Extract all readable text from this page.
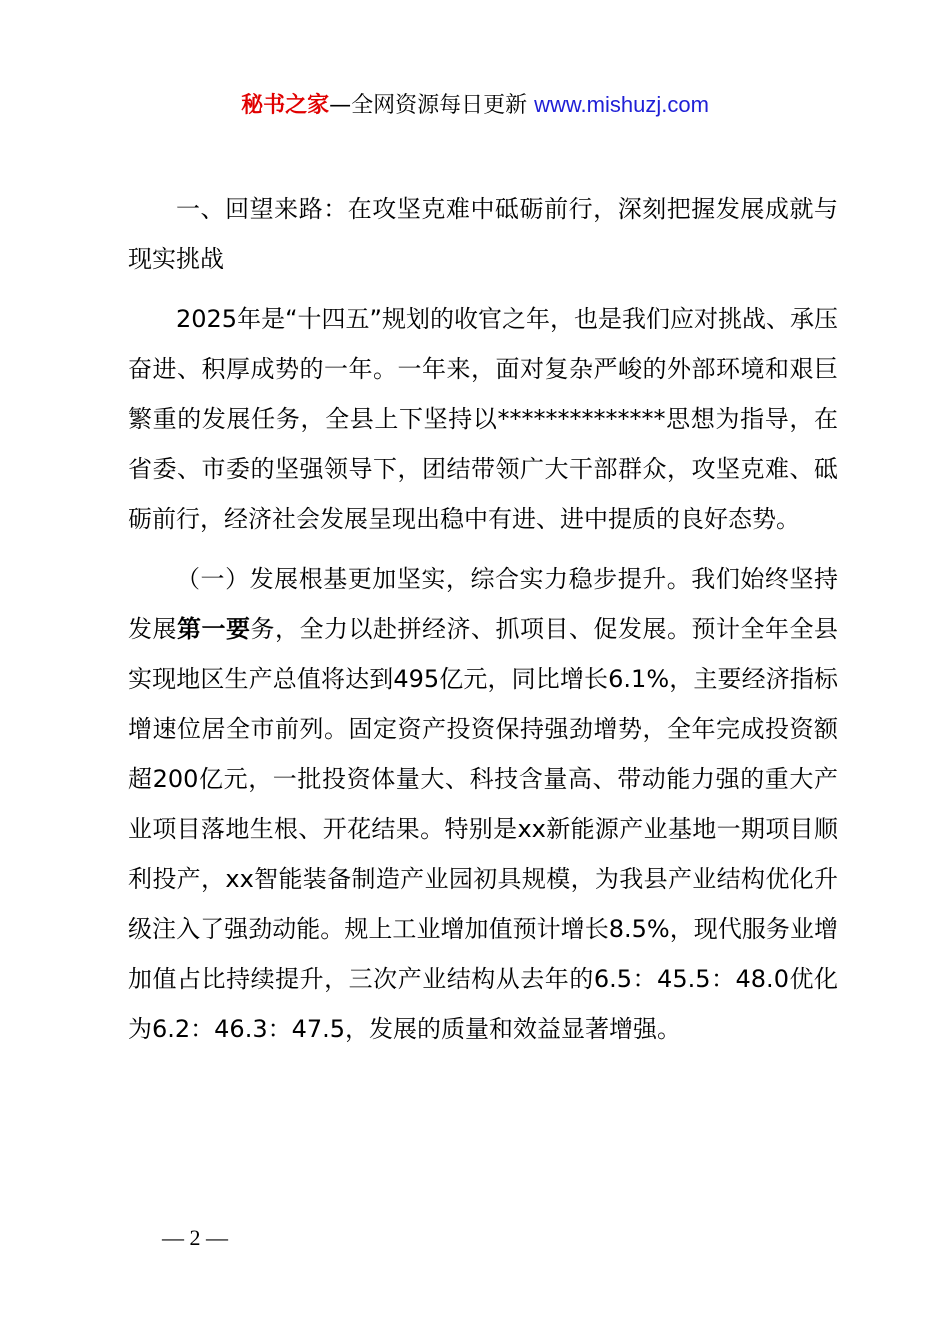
秘书之家—全网资源每日更新 www.mishuzj.com

一、回望来路：在攻坚克难中砥砺前行，深刻把握发展成就与现实挑战

2025年是“十四五”规划的收官之年，也是我们应对挑战、承压奋进、积厚成势的一年。一年来，面对复杂严峻的外部环境和艰巨繁重的发展任务，全县上下坚持以**************思想为指导，在省委、市委的坚强领导下，团结带领广大干部群众，攻坚克难、砥砺前行，经济社会发展呈现出稳中有进、进中提质的良好态势。

（一）发展根基更加坚实，综合实力稳步提升。我们始终坚持发展第一要务，全力以赴拼经济、抓项目、促发展。预计全年全县实现地区生产总值将达到495亿元，同比增长6.1%，主要经济指标增速位居全市前列。固定资产投资保持强劲增势，全年完成投资额超200亿元，一批投资体量大、科技含量高、带动能力强的重大产业项目落地生根、开花结果。特别是xx新能源产业基地一期项目顺利投产，xx智能装备制造产业园初具规模，为我县产业结构优化升级注入了强劲动能。规上工业增加值预计增长8.5%，现代服务业增加值占比持续提升，三次产业结构从去年的6.5：45.5：48.0优化为6.2：46.3：47.5，发展的质量和效益显著增强。

— 2 —
